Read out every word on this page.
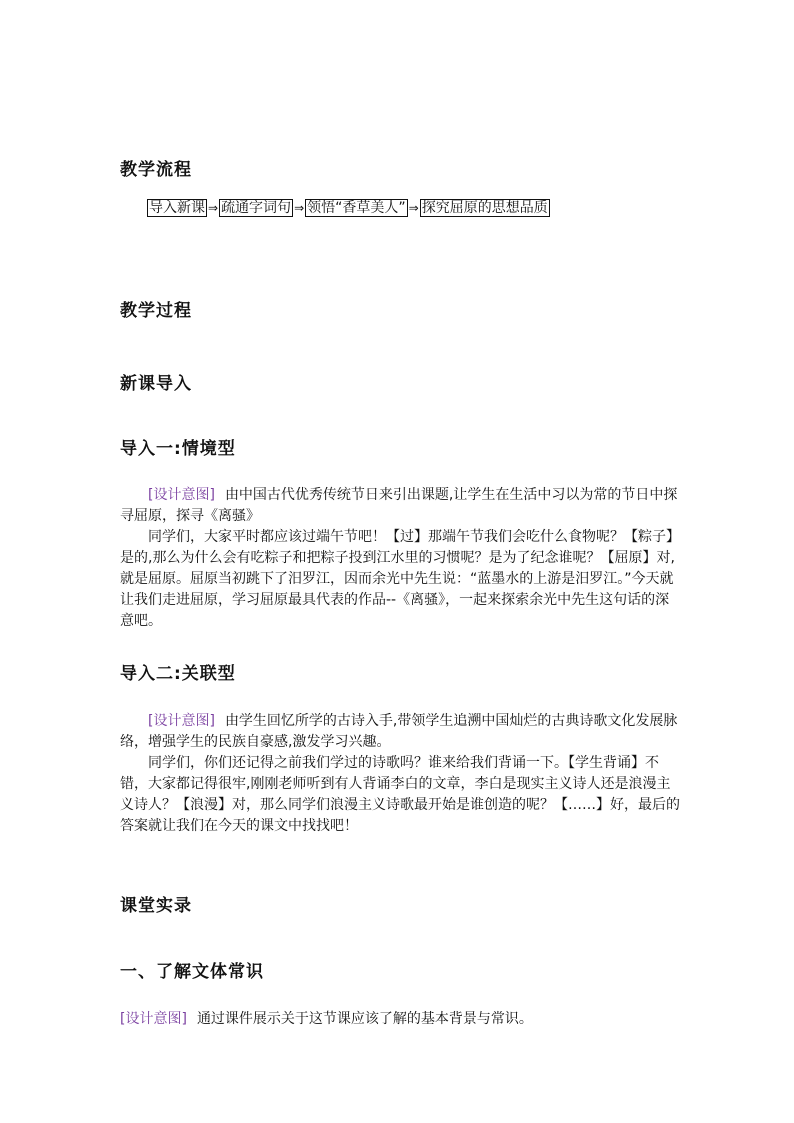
教学流程
导入新课 ⇒ 疏通字词句 ⇒ 领悟“香草美人” ⇒ 探究屈原的思想品质
教学过程
新课导入
导入一:情境型

[设计意图] 由中国古代优秀传统节日来引出课题,让学生在生活中习以为常的节日中探寻屈原，探寻《离骚》

同学们，大家平时都应该过端午节吧！【过】那端午节我们会吃什么食物呢？【粽子】是的,那么为什么会有吃粽子和把粽子投到江水里的习惯呢？是为了纪念谁呢？【屈原】对,就是屈原。屈原当初跳下了汨罗江，因而余光中先生说：“蓝墨水的上游是汨罗江。”今天就让我们走进屈原，学习屈原最具代表的作品--《离骚》，一起来探索余光中先生这句话的深意吧。

导入二:关联型

[设计意图] 由学生回忆所学的古诗入手,带领学生追溯中国灿烂的古典诗歌文化发展脉络，增强学生的民族自豪感,激发学习兴趣。

同学们，你们还记得之前我们学过的诗歌吗？谁来给我们背诵一下。【学生背诵】不错，大家都记得很牢,刚刚老师听到有人背诵李白的文章，李白是现实主义诗人还是浪漫主义诗人？【浪漫】对，那么同学们浪漫主义诗歌最开始是谁创造的呢？【……】好，最后的答案就让我们在今天的课文中找找吧！

课堂实录
一、了解文体常识

[设计意图] 通过课件展示关于这节课应该了解的基本背景与常识。
